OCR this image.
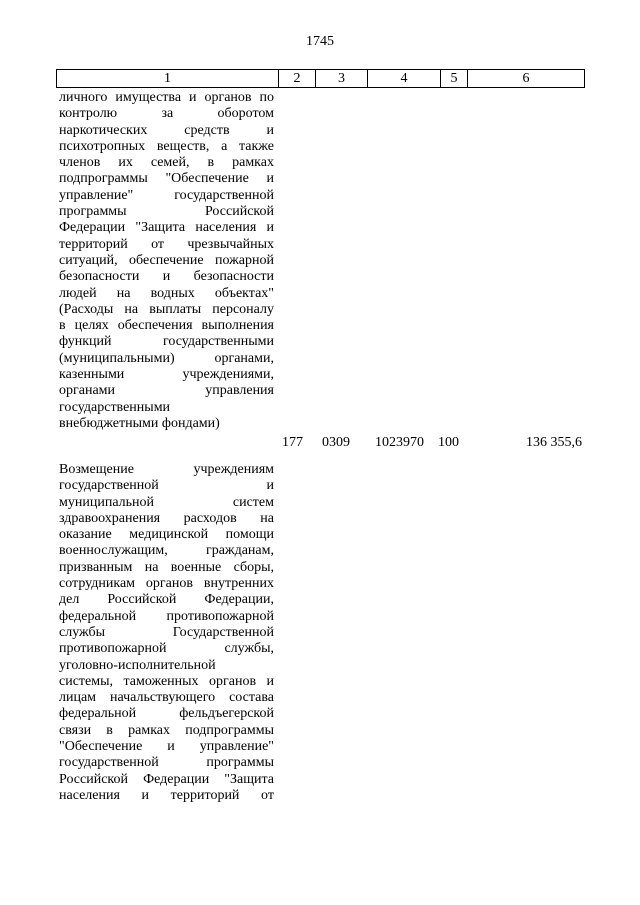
1745
1	2	3	4	5	6
личного имущества и органов по
контролю за оборотом
наркотических средств и
психотропных веществ, а также
членов их семей, в рамках
подпрограммы "Обеспечение и
управление" государственной
программы Российской
Федерации "Защита населения и
территорий от чрезвычайных
ситуаций, обеспечение пожарной
безопасности и безопасности
людей на водных объектах"
(Расходы на выплаты персоналу
в целях обеспечения выполнения
функций государственными
(муниципальными) органами,
казенными учреждениями,
органами управления
государственными
внебюджетными фондами)
177 0309 1023970 100	136 355,6
Возмещение учреждениям
государственной и
муниципальной систем
здравоохранения расходов на
оказание медицинской помощи
военнослужащим, гражданам,
призванным на военные сборы,
сотрудникам органов внутренних
дел Российской Федерации,
федеральной противопожарной
службы Государственной
противопожарной службы,
уголовно-исполнительной
системы, таможенных органов и
лицам начальствующего состава
федеральной фельдъегерской
связи в рамках подпрограммы
"Обеспечение и управление"
государственной программы
Российской Федерации "Защита
населения и территорий от
